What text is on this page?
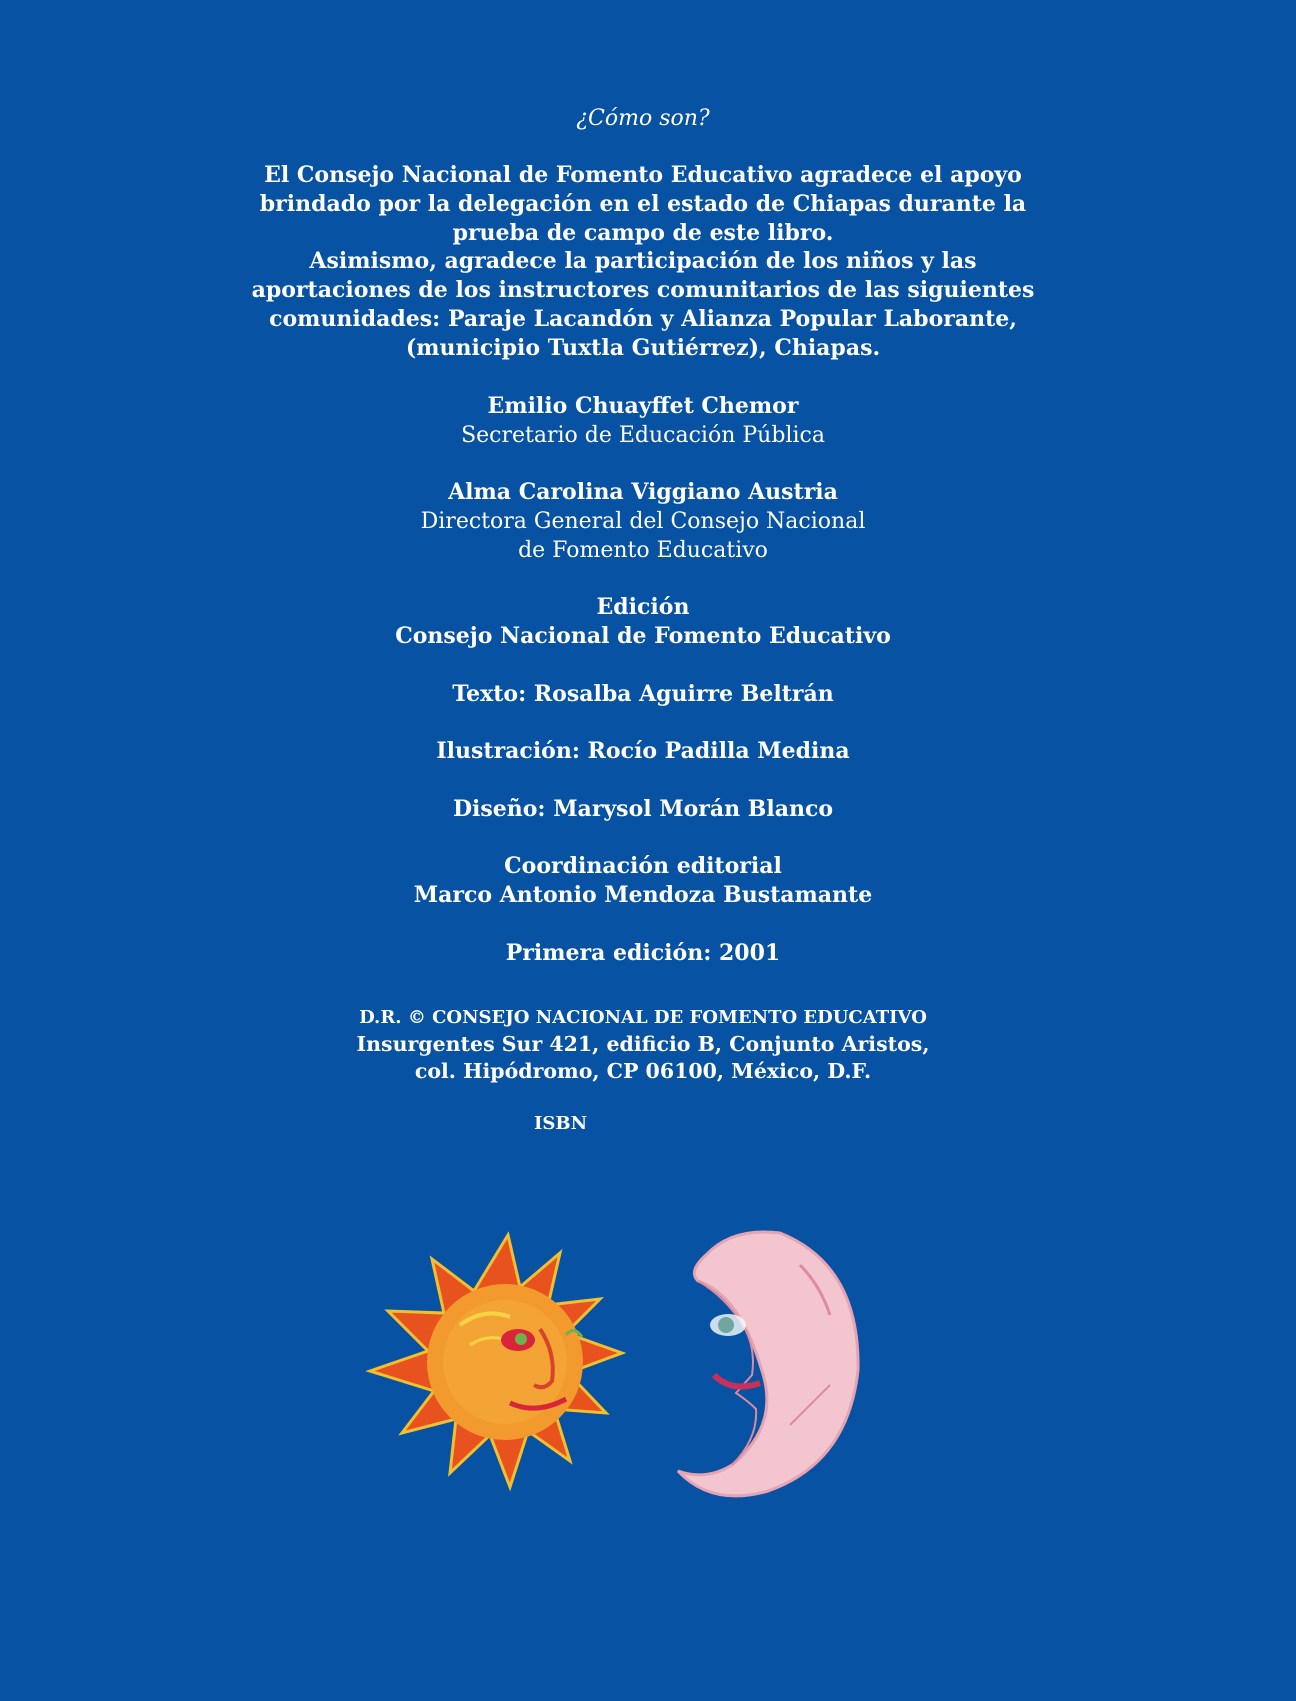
¿Cómo son?
El Consejo Nacional de Fomento Educativo agradece el apoyo
brindado por la delegación en el estado de Chiapas durante la
prueba de campo de este libro.
Asimismo, agradece la participación de los niños y las
aportaciones de los instructores comunitarios de las siguientes
comunidades: Paraje Lacandón y Alianza Popular Laborante,
(municipio Tuxtla Gutiérrez), Chiapas.
Emilio Chuayffet Chemor
Secretario de Educación Pública
Alma Carolina Viggiano Austria
Directora General del Consejo Nacional
de Fomento Educativo
Edición
Consejo Nacional de Fomento Educativo
Texto: Rosalba Aguirre Beltrán
Ilustración: Rocío Padilla Medina
Diseño: Marysol Morán Blanco
Coordinación editorial
Marco Antonio Mendoza Bustamante
Primera edición: 2001
D.R. © CONSEJO NACIONAL DE FOMENTO EDUCATIVO
Insurgentes Sur 421, edificio B, Conjunto Aristos,
col. Hipódromo, CP 06100, México, D.F.
ISBN
